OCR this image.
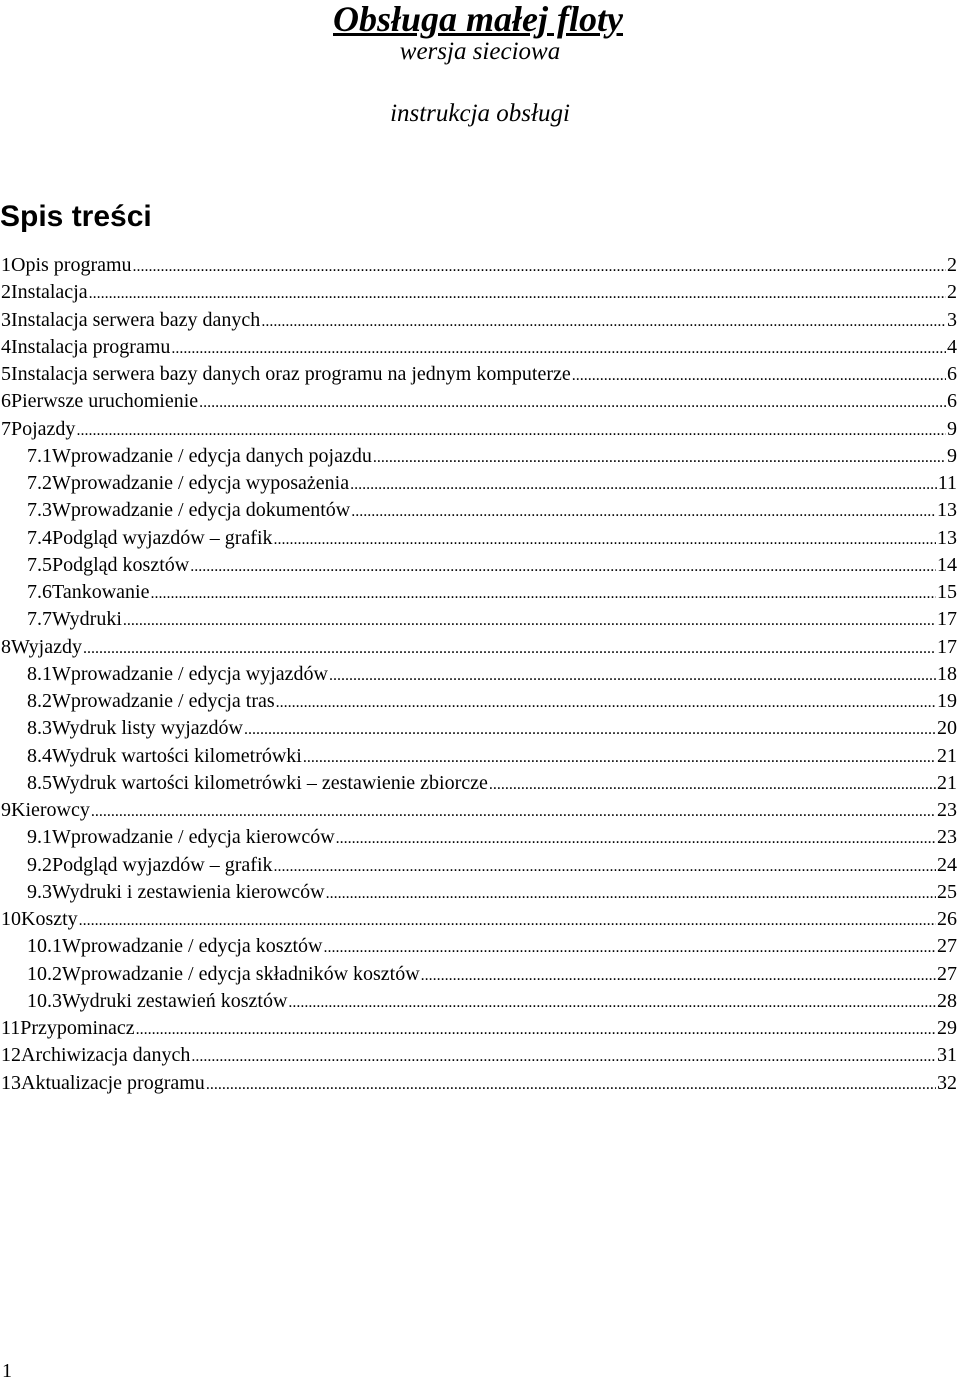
Obsługa małej floty
wersja sieciowa
instrukcja obsługi
Spis treści
1Opis programu .....	2
2Instalacja .....	2
3Instalacja serwera bazy danych .....	3
4Instalacja programu .....	4
5Instalacja serwera bazy danych oraz programu na jednym komputerze .....	6
6Pierwsze uruchomienie .....	6
7Pojazdy .....	9
7.1Wprowadzanie / edycja danych pojazdu .....	9
7.2Wprowadzanie / edycja wyposażenia .....	11
7.3Wprowadzanie / edycja dokumentów .....	13
7.4Podgląd wyjazdów – grafik .....	13
7.5Podgląd kosztów .....	14
7.6Tankowanie .....	15
7.7Wydruki .....	17
8Wyjazdy .....	17
8.1Wprowadzanie / edycja wyjazdów .....	18
8.2Wprowadzanie / edycja tras .....	19
8.3Wydruk listy wyjazdów .....	20
8.4Wydruk wartości kilometrówki .....	21
8.5Wydruk wartości kilometrówki – zestawienie zbiorcze .....	21
9Kierowcy .....	23
9.1Wprowadzanie / edycja kierowców .....	23
9.2Podgląd wyjazdów – grafik .....	24
9.3Wydruki i zestawienia kierowców .....	25
10Koszty .....	26
10.1Wprowadzanie / edycja kosztów .....	27
10.2Wprowadzanie / edycja składników kosztów .....	27
10.3Wydruki zestawień kosztów .....	28
11Przypominacz .....	29
12Archiwizacja danych .....	31
13Aktualizacje programu .....	32
1
